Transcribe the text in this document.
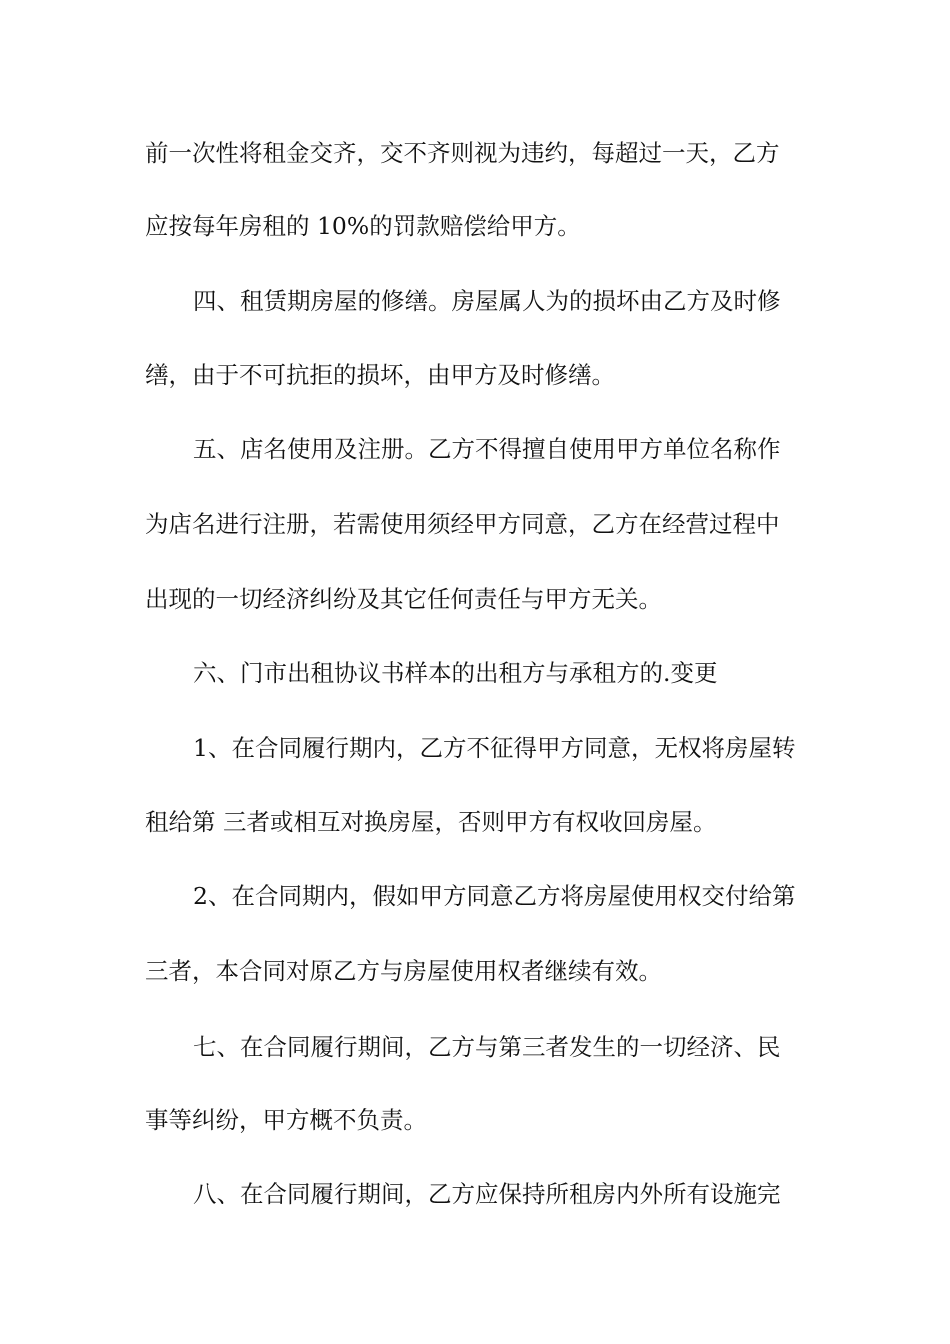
前一次性将租金交齐，交不齐则视为违约，每超过一天，乙方
应按每年房租的 10%的罚款赔偿给甲方。
四、租赁期房屋的修缮。房屋属人为的损坏由乙方及时修
缮，由于不可抗拒的损坏，由甲方及时修缮。
五、店名使用及注册。乙方不得擅自使用甲方单位名称作
为店名进行注册，若需使用须经甲方同意，乙方在经营过程中
出现的一切经济纠纷及其它任何责任与甲方无关。
六、门市出租协议书样本的出租方与承租方的.变更
1、在合同履行期内，乙方不征得甲方同意，无权将房屋转
租给第 三者或相互对换房屋，否则甲方有权收回房屋。
2、在合同期内，假如甲方同意乙方将房屋使用权交付给第
三者，本合同对原乙方与房屋使用权者继续有效。
七、在合同履行期间，乙方与第三者发生的一切经济、民
事等纠纷，甲方概不负责。
八、在合同履行期间，乙方应保持所租房内外所有设施完
